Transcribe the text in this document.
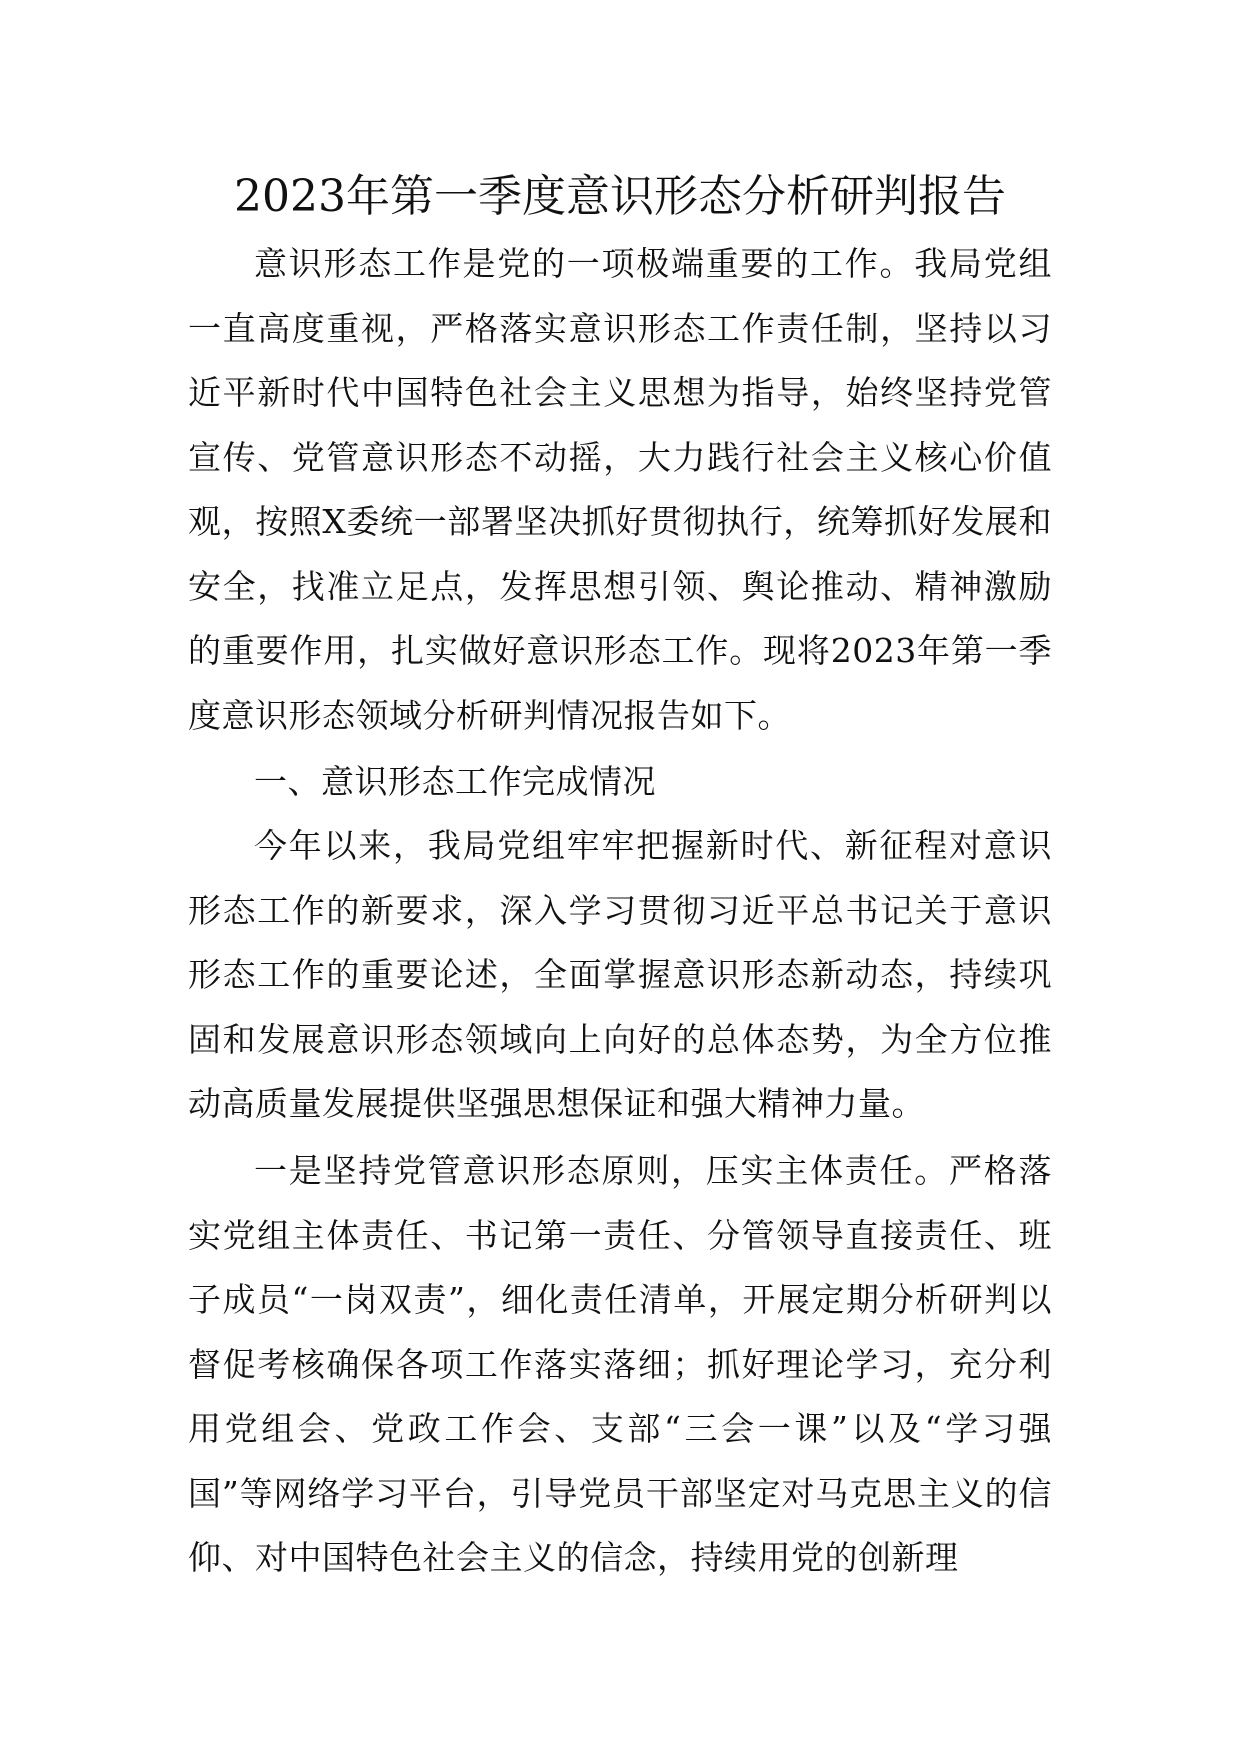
2023年第一季度意识形态分析研判报告

意识形态工作是党的一项极端重要的工作。我局党组一直高度重视，严格落实意识形态工作责任制，坚持以习近平新时代中国特色社会主义思想为指导，始终坚持党管宣传、党管意识形态不动摇，大力践行社会主义核心价值观，按照X委统一部署坚决抓好贯彻执行，统筹抓好发展和安全，找准立足点，发挥思想引领、舆论推动、精神激励的重要作用，扎实做好意识形态工作。现将2023年第一季度意识形态领域分析研判情况报告如下。

一、意识形态工作完成情况

今年以来，我局党组牢牢把握新时代、新征程对意识形态工作的新要求，深入学习贯彻习近平总书记关于意识形态工作的重要论述，全面掌握意识形态新动态，持续巩固和发展意识形态领域向上向好的总体态势，为全方位推动高质量发展提供坚强思想保证和强大精神力量。

一是坚持党管意识形态原则，压实主体责任。严格落实党组主体责任、书记第一责任、分管领导直接责任、班子成员“一岗双责”，细化责任清单，开展定期分析研判以督促考核确保各项工作落实落细；抓好理论学习，充分利用党组会、党政工作会、支部“三会一课”以及“学习强国”等网络学习平台，引导党员干部坚定对马克思主义的信仰、对中国特色社会主义的信念，持续用党的创新理
